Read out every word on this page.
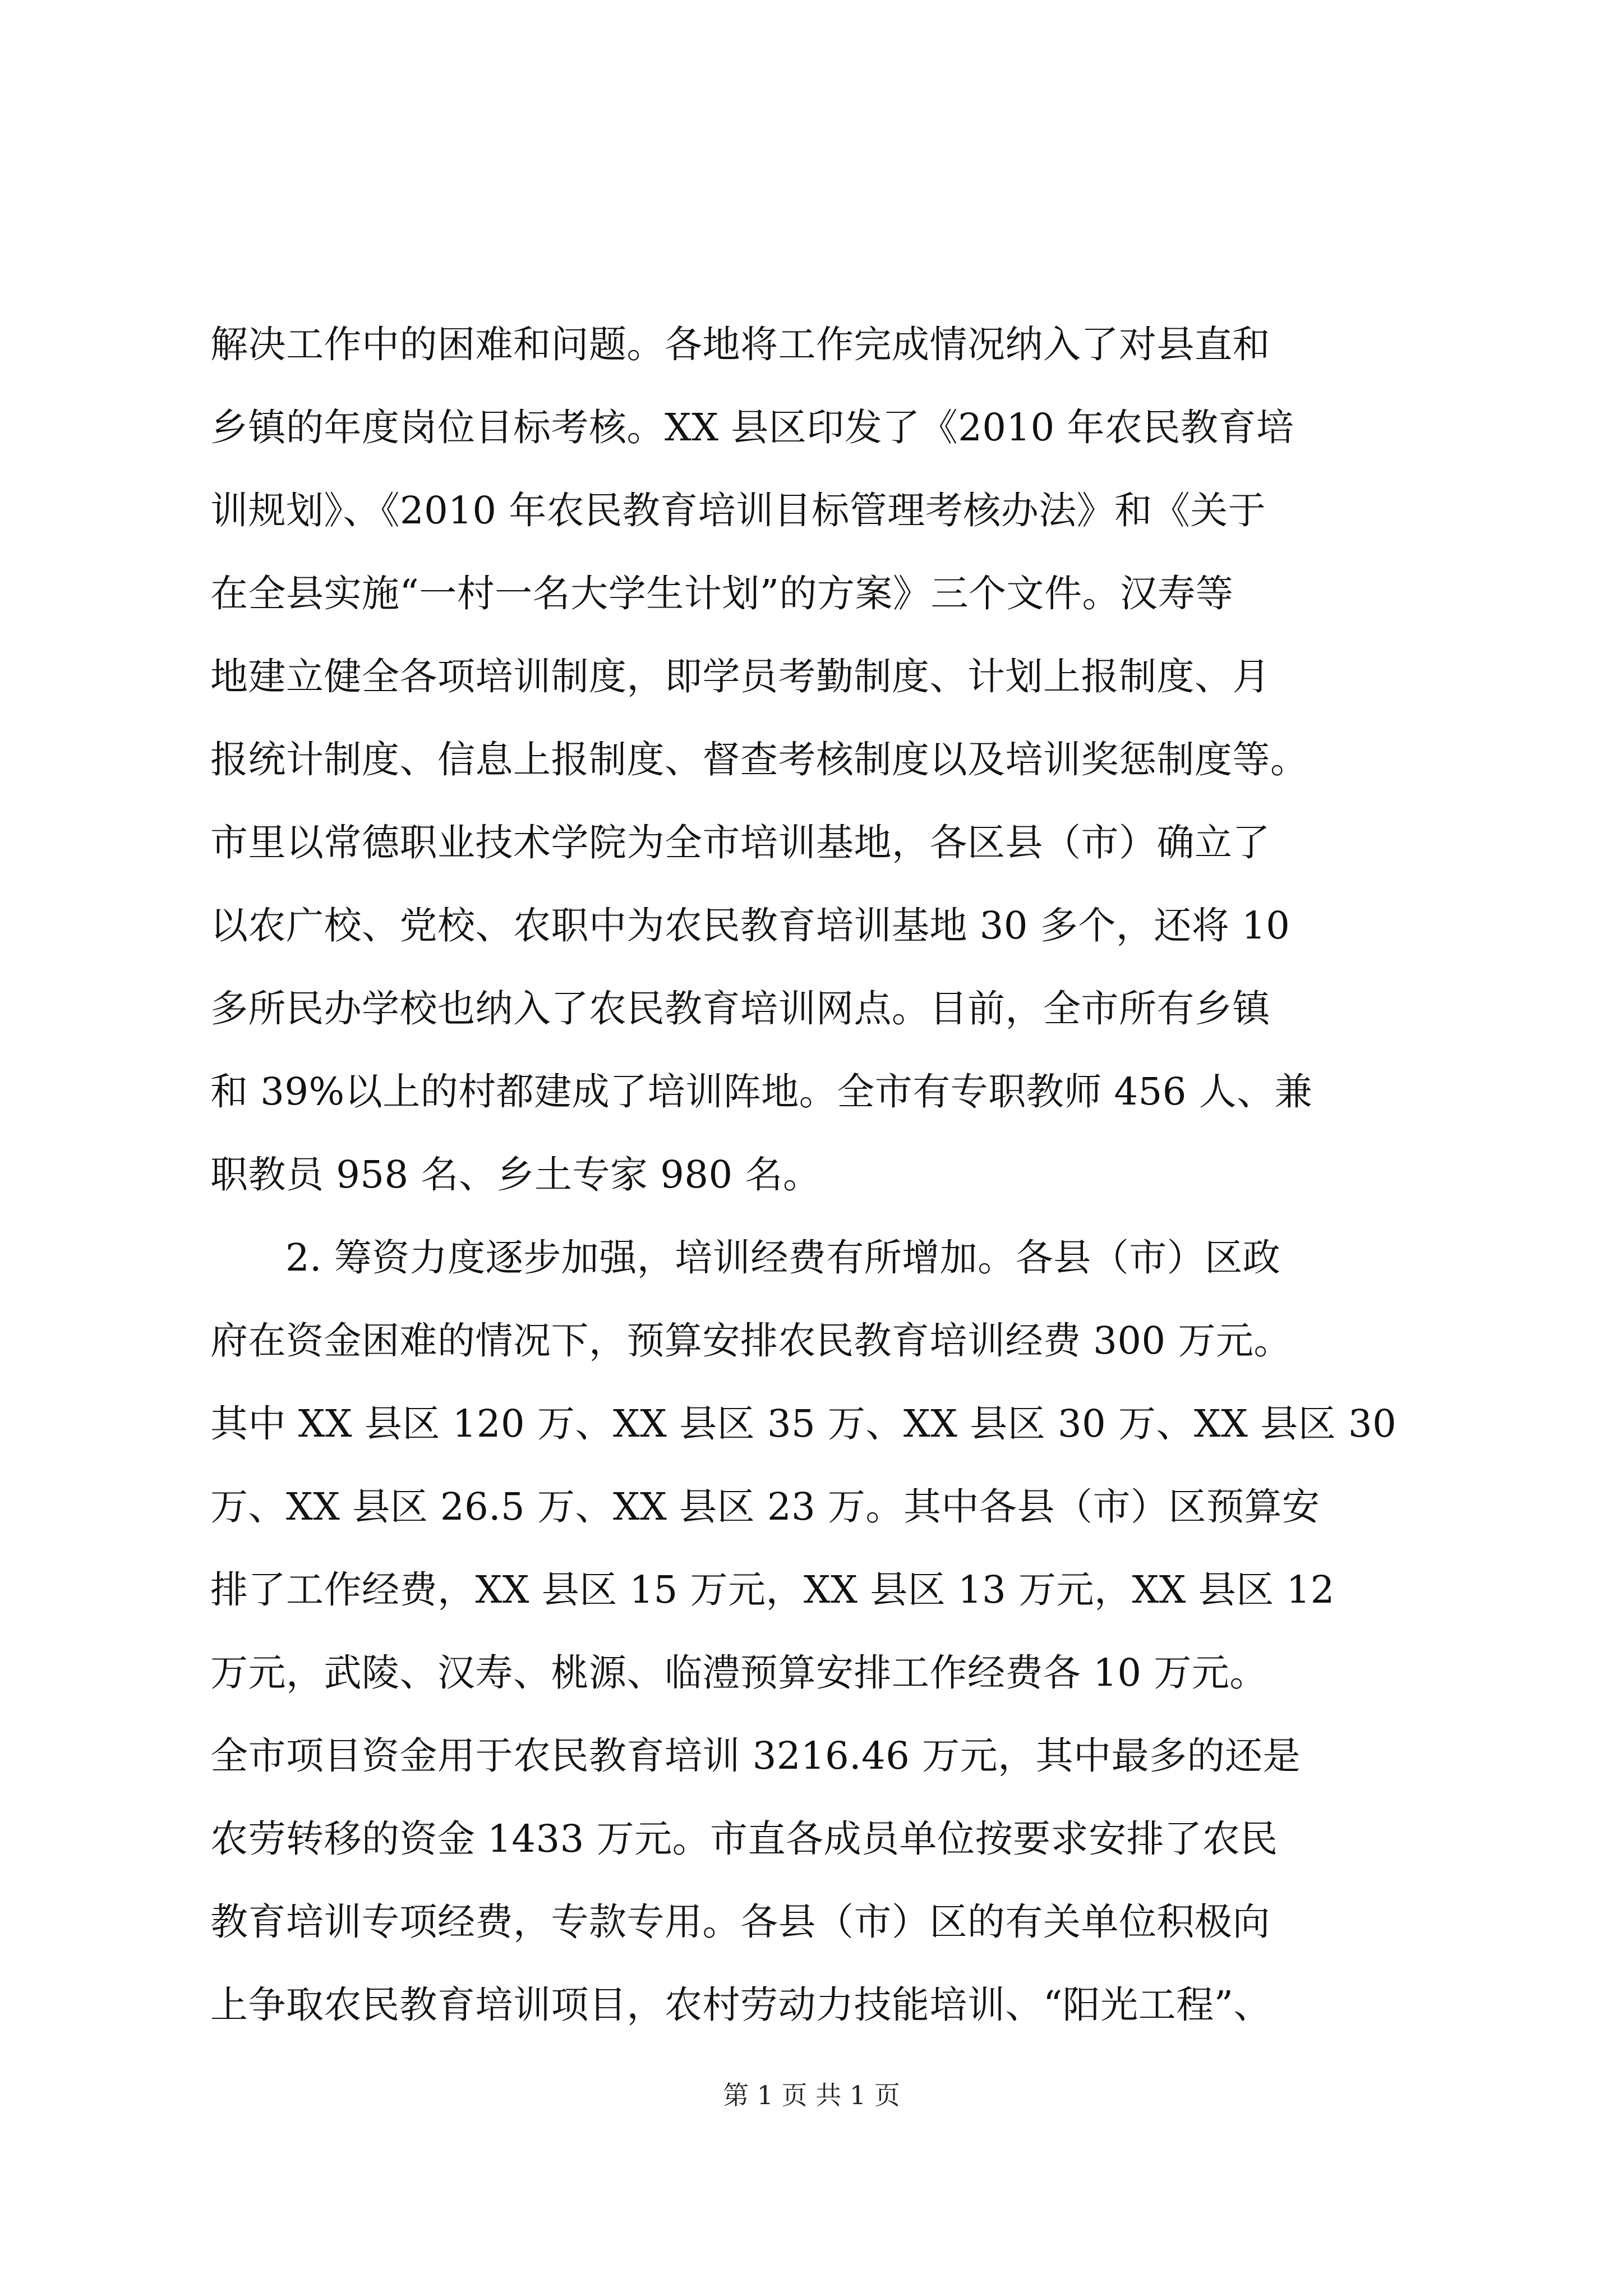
解决工作中的困难和问题。各地将工作完成情况纳入了对县直和
乡镇的年度岗位目标考核。XX 县区印发了《2010 年农民教育培
训规划》、《2010 年农民教育培训目标管理考核办法》和《关于
在全县实施“一村一名大学生计划”的方案》三个文件。汉寿等
地建立健全各项培训制度，即学员考勤制度、计划上报制度、月
报统计制度、信息上报制度、督查考核制度以及培训奖惩制度等。
市里以常德职业技术学院为全市培训基地，各区县（市）确立了
以农广校、党校、农职中为农民教育培训基地 30 多个，还将 10
多所民办学校也纳入了农民教育培训网点。目前，全市所有乡镇
和 39%以上的村都建成了培训阵地。全市有专职教师 456 人、兼
职教员 958 名、乡土专家 980 名。
2. 筹资力度逐步加强，培训经费有所增加。各县（市）区政
府在资金困难的情况下，预算安排农民教育培训经费 300 万元。
其中 XX 县区 120 万、XX 县区 35 万、XX 县区 30 万、XX 县区 30
万、XX 县区 26.5 万、XX 县区 23 万。其中各县（市）区预算安
排了工作经费，XX 县区 15 万元，XX 县区 13 万元，XX 县区 12
万元，武陵、汉寿、桃源、临澧预算安排工作经费各 10 万元。
全市项目资金用于农民教育培训 3216.46 万元，其中最多的还是
农劳转移的资金 1433 万元。市直各成员单位按要求安排了农民
教育培训专项经费，专款专用。各县（市）区的有关单位积极向
上争取农民教育培训项目，农村劳动力技能培训、“阳光工程”、
第 1 页 共 1 页
